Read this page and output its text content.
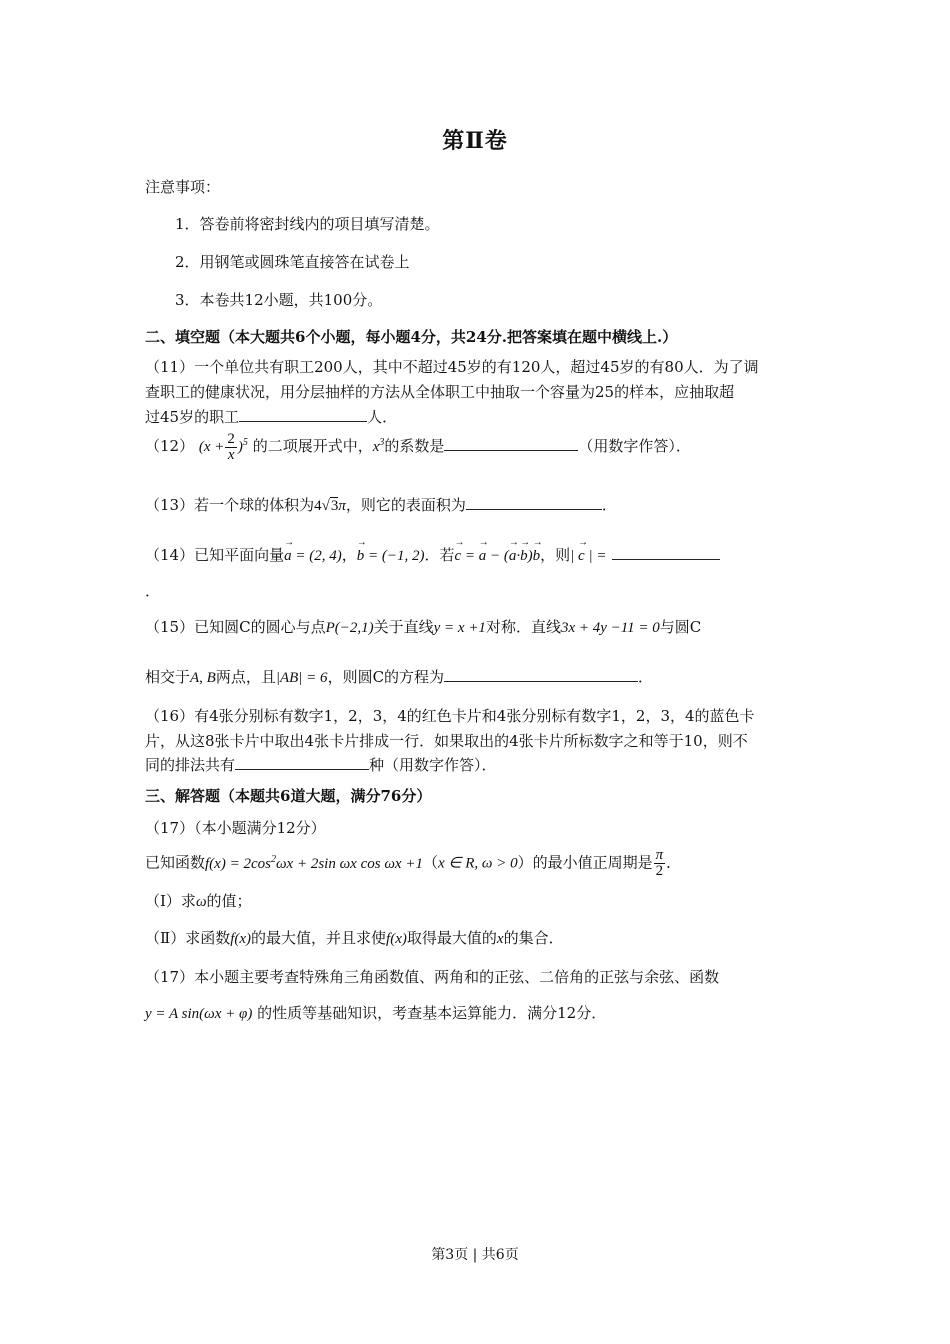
第Ⅱ卷
注意事项：
1．答卷前将密封线内的项目填写清楚。
2．用钢笔或圆珠笔直接答在试卷上
3．本卷共12小题，共100分。
二、填空题（本大题共6个小题，每小题4分，共24分.把答案填在题中横线上.）
（11）一个单位共有职工200人，其中不超过45岁的有120人，超过45岁的有80人．为了调
查职工的健康状况，用分层抽样的方法从全体职工中抽取一个容量为25的样本，应抽取超
过45岁的职工	人．
（12） $(x + \frac{2}{x} )^5$ 的二项展开式中，$x^3$的系数是	（用数字作答）．
（13）若一个球的体积为4√3π，则它的表面积为	．
（14）已知平面向量→ a = (2, 4)，→ b = (−1, 2)．若→ c = → a − (→ a·→ b)→ b，则| → c | =
．
（15）已知圆C的圆心与点P(−2,1)关于直线y = x +1对称．直线3x + 4y −11 = 0与圆C
相交于A, B两点，且|AB| = 6，则圆C的方程为	．
（16）有4张分别标有数字1，2，3，4的红色卡片和4张分别标有数字1，2，3，4的蓝色卡
片，从这8张卡片中取出4张卡片排成一行．如果取出的4张卡片所标数字之和等于10，则不
同的排法共有	种（用数字作答）．
三、解答题（本题共6道大题，满分76分）
（17）（本小题满分12分）
已知函数$f(x) = 2\cos^2\omega x + 2\sin$ ωx cos ωx +1（x ∈ R, ω > 0）的最小值正周期是 $\frac{\pi}{2}$ ．
（Ⅰ）求ω的值；
（Ⅱ）求函数f(x)的最大值，并且求使f(x)取得最大值的x的集合．
（17）本小题主要考查特殊角三角函数值、两角和的正弦、二倍角的正弦与余弦、函数
y = A sin(ωx + φ) 的性质等基础知识，考查基本运算能力．满分12分．
第3页 | 共6页
